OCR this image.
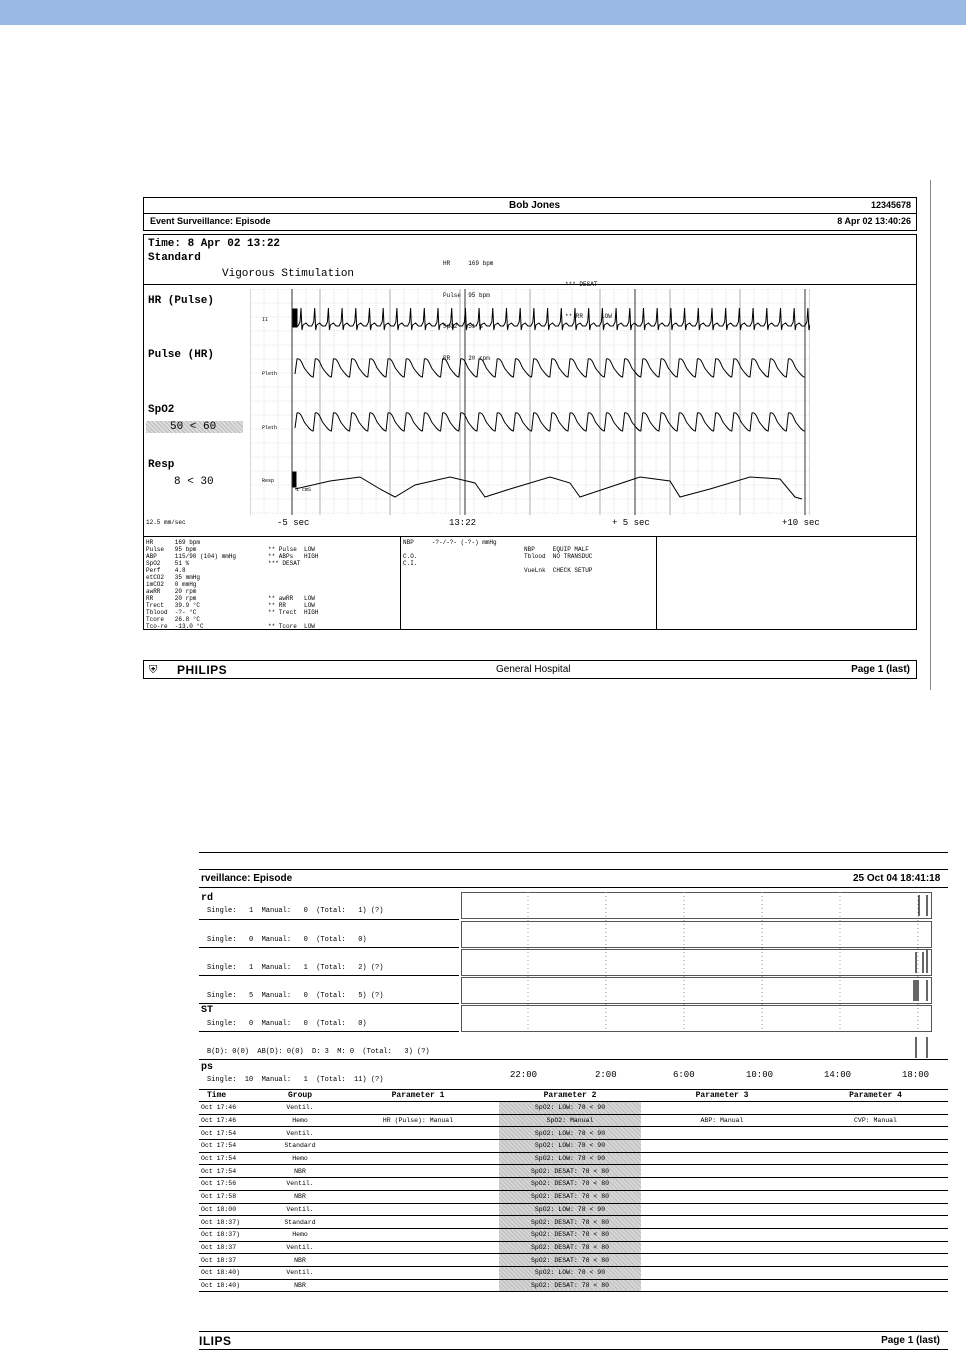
Bob Jones	12345678
Event Surveillance: Episode	8 Apr 02 13:40:26
Time: 8 Apr 02 13:22
Standard
Vigorous Stimulation

HR     169 bpm

Pulse  95 bpm

SpO2   51 %

RR     20 rpm

** RR     LOW

HR (Pulse)
Pulse (HR)
SpO2
50 < 60
Resp
8 < 30
II
Pleth
Pleth
Resp
1 cmS
12.5 mm/sec	-5 sec	13:22	+ 5 sec	+10 sec
HR      169 bpm
Pulse   95 bpm
ABP     115/90 (104) mmHg
SpO2    51 %
Perf    4.8
etCO2   35 mmHg
imCO2   0 mmHg
awRR    20 rpm
RR      20 rpm
Trect   39.9 °C
Tblood  -?- °C
Tcore   26.8 °C
Tco-re  -13.0 °C
** Pulse  LOW
** ABPs   HIGH
*** DESAT

** awRR   LOW
** RR     LOW
** Trect  HIGH

** Tcore  LOW
NBP     -?-/-?- (-?-) mmHg

C.O.
C.I.
NBP     EQUIP MALF
Tblood  NO TRANSDUC

VueLnk  CHECK SETUP
⛨ PHILIPS	General Hospital	Page 1 (last)
rveillance: Episode	25 Oct 04 18:41:18
rd
ST
ps
Single:   1  Manual:   0  (Total:   1) (?)
Single:   0  Manual:   0  (Total:   0)
Single:   1  Manual:   1  (Total:   2) (?)
Single:   5  Manual:   0  (Total:   5) (?)
Single:   0  Manual:   0  (Total:   0)
B(D): 0(0)  AB(D): 0(0)  D: 3  M: 0  (Total:   3) (?)
Single:  10  Manual:   1  (Total:  11) (?)	22:00	2:00	6:00	10:00	14:00	18:00
Time	Group	Parameter 1	Parameter 2	Parameter 3	Parameter 4
Oct 17:46	Ventil.		SpO2: LOW: 78 < 90		
Oct 17:46	Hemo	HR (Pulse): Manual	SpO2: Manual	ABP: Manual	CVP: Manual
Oct 17:54	Ventil.		SpO2: LOW: 78 < 90		
Oct 17:54	Standard		SpO2: LOW: 78 < 90		
Oct 17:54	Hemo		SpO2: LOW: 78 < 90		
Oct 17:54	NBR		SpO2: DESAT: 78 < 80		
Oct 17:56	Ventil.		SpO2: DESAT: 78 < 80		
Oct 17:58	NBR		SpO2: DESAT: 78 < 80		
Oct 18:00	Ventil.		SpO2: LOW: 78 < 90		
Oct 18:37)	Standard		SpO2: DESAT: 78 < 80		
Oct 18:37)	Hemo		SpO2: DESAT: 78 < 80		
Oct 18:37	Ventil.		SpO2: DESAT: 78 < 80		
Oct 18:37	NBR		SpO2: DESAT: 78 < 80		
Oct 18:40)	Ventil.		SpO2: LOW: 78 < 90		
Oct 18:40)	NBR		SpO2: DESAT: 78 < 80		
ILIPS	Page 1 (last)
